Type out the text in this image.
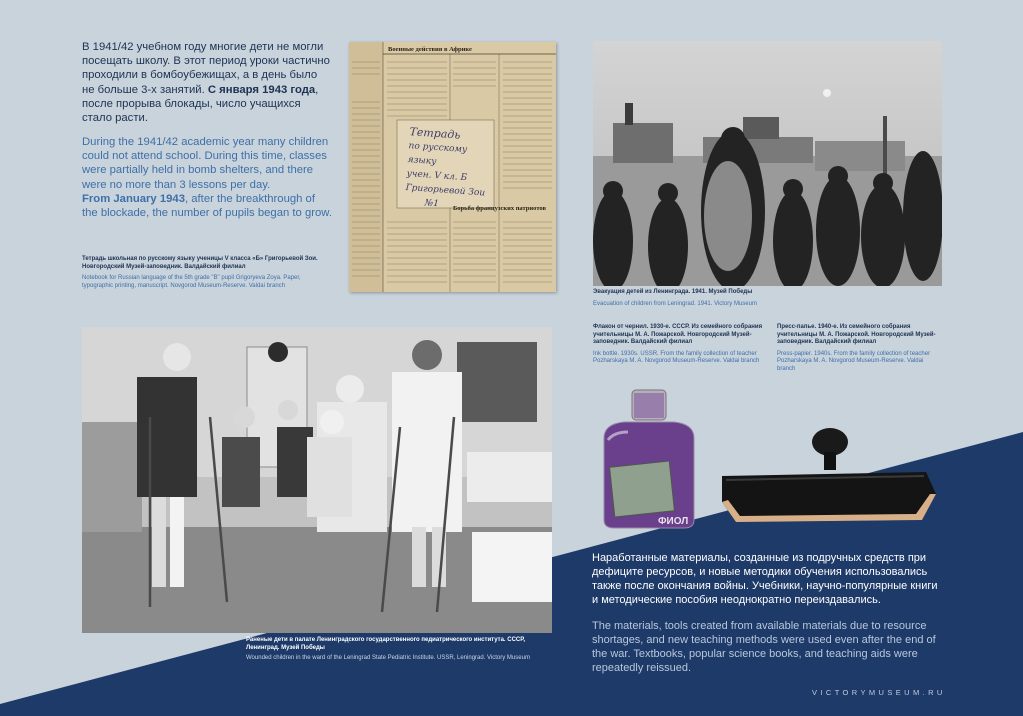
В 1941/42 учебном году многие дети не могли посещать школу. В этот период уроки частично проходили в бомбоубежищах, а в день было не больше 3-х занятий. С января 1943 года, после прорыва блокады, число учащихся стало расти.

During the 1941/42 academic year many children could not attend school. During this time, classes were partially held in bomb shelters, and there were no more than 3 lessons per day.
From January 1943, after the breakthrough of the blockade, the number of pupils began to grow.

Тетрадь школьная по русскому языку ученицы V класса «Б» Григорьевой Зои. Новгородский Музей-заповедник. Валдайский филиал

Notebook for Russian language of the 5th grade "B" pupil Grigoryeva Zoya. Paper, typographic printing, manuscript. Novgorod Museum-Reserve. Valdai branch

Борьба французских патриотов
Военные действия в Африке
Тетрадь
по русскому языку
учен. V кл. Б
Григорьевой Зои
№1

Эвакуация детей из Ленинграда. 1941. Музей Победы

Evacuation of children from Leningrad. 1941. Victory Museum

Раненые дети в палате Ленинградского государственного педиатрического института. СССР, Ленинград. Музей Победы

Wounded children in the ward of the Leningrad State Pediatric Institute. USSR, Leningrad. Victory Museum

Флакон от чернил. 1930-е. СССР. Из семейного собрания учительницы М. А. Пожарской. Новгородский Музей-заповедник. Валдайский филиал

Ink bottle. 1930s. USSR. From the family collection of teacher Pozharskaya M. A. Novgorod Museum-Reserve. Valdai branch

Пресс-папье. 1940-е. Из семейного собрания учительницы М. А. Пожарской. Новгородский Музей-заповедник. Валдайский филиал

Press-papier. 1940s. From the family collection of teacher Pozharskaya M. A. Novgorod Museum-Reserve. Valdai branch

ФИОЛ

Наработанные материалы, созданные из подручных средств при дефиците ресурсов, и новые методики обучения использовались также после окончания войны. Учебники, научно-популярные книги и методические пособия неоднократно переиздавались.

The materials, tools created from available materials due to resource shortages, and new teaching methods were used even after the end of the war. Textbooks, popular science books, and teaching aids were repeatedly reissued.

VICTORYMUSEUM.RU
